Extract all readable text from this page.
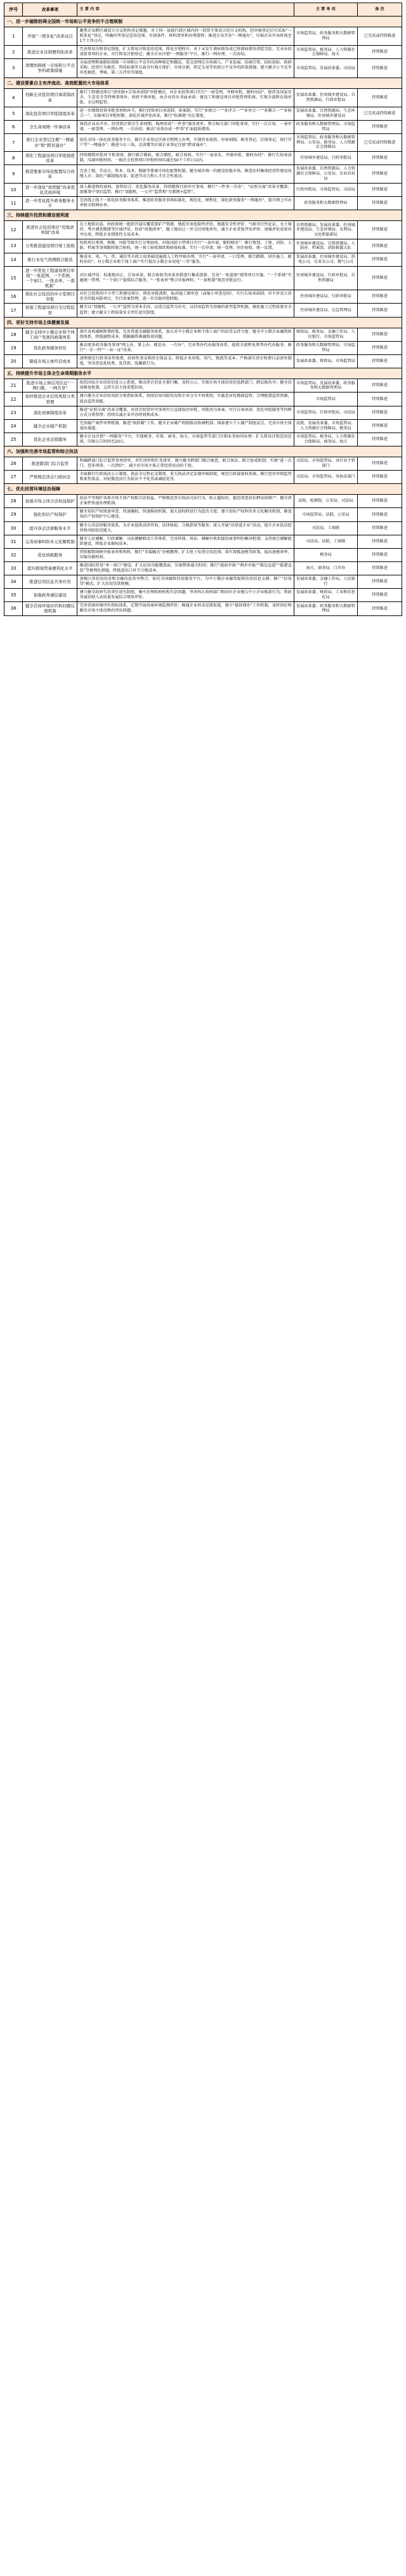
序号	改革事项	主 要 内 容	主 要 单 位	备 注
一、进一步破除妨碍全国统一市场和公平竞争的不合理规制				
1	开展“一照多址”改革试点	聚焦企业跨区域设立分支机构登记难题，对于同一县级行政区域内同一投资主体设立的分支机构，经审核登记后可采取“一照多址”登记，明确住所登记适用范围、申请条件、材料清单和办理流程；推进企业开办“一网通办”，压缩企业开办时间至1个工作日内。	市场监管局、政务服务和大数据管理局	已完成或持续推进
2	推进企业注销便利化改革	完善简易注销登记制度，扩大简易注销适用范围，简化注销程序，对于未发生债权债务或已将债权债务清偿完结、无未办结清算事项的企业，实行简易注销登记；健全企业注销“一网服务”平台，推行一网办理、一次办结。	市场监管局、税务局、人力资源社会保障局、海关	持续推进
3	清理妨碍统一市场和公平竞争的政策措施	全面清理和废除妨碍统一市场和公平竞争的各种规定和做法，重点清理在市场准入、产业发展、招商引资、招标投标、政府采购、经营行为规范、资质标准等方面含有地方保护、市场分割、指定交易等妨碍公平竞争的政策措施；建立健全公平竞争审查抽查、考核、第三方评估等制度。	市场监管局、发展改革委、司法局	持续推进
二、建设要素自主有序流动、高效配置的大市场体系				
4	创新企业投资项目承诺制改革	推行工程建设项目“清单制+告知承诺制”审批模式，对企业投资项目实行“一窗受理、并联审批、限时办结”，除涉及国家安全、生态安全等特殊事项外，政府不再审批，由企业作出书面承诺；建设工程建设项目审批管理系统，实现全流程在线审批、全过程监管。	发展改革委、住房城乡建设局、自然资源局、行政审批局	持续推进
5	深化投资项目审批制度改革	进一步精简投资审批事项和环节，推行投资项目承诺制、备案制，实行“多规合一”“多评合一”“多审合一”“多测合一”“多验合一”，压缩项目审批时限；深化区域评估改革，推行“标准地”出让制度。	发展改革委、自然资源局、生态环境局、住房城乡建设局	已完成或持续推进
6	全生命周期一件事改革	围绕企业从开办、经营到注销全生命周期，梳理形成“一件事”服务清单，整合相关部门审批事项，实行一次告知、一表申请、一窗受理、一网办理、一次办结；推动“高效办成一件事”扩面提质增效。	政务服务和大数据管理局、市场监管局	持续推进
7	推行企业登记注册“一网通办”和“跨省通办”	依托全国一体化政务服务平台，推行企业登记注册全程网上办理，实现营业执照、印章刻制、税务登记、社保登记、银行开户等“一网通办”；推进与长三角、京津冀等区域企业登记注册“跨省通办”。	市场监管局、政务服务和大数据管理局、公安局、税务局、人力资源社会保障局	已完成或持续推进
8	深化工程建设项目审批制度改革	持续精简审批环节和事项，推行联合勘验、联合测绘、联合验收，实行“一家牵头、并联审批、限时办结”；推行告知承诺制，压减审批时间，一般社会投资项目审批时间压减至50个工作日以内。	住房城乡建设局、行政审批局	持续推进
9	推进要素市场化配置综合改革	完善土地、劳动力、资本、技术、数据等要素市场化配置机制，健全城乡统一的建设用地市场，推进农村集体经营性建设用地入市；深化户籍制度改革，促进劳动力和人才社会性流动。	发展改革委、自然资源局、人力资源社会保障局、公安局、农业农村局	持续推进
10	进一步深化“放管服”改革优化营商环境	深入推进简政放权、放管结合、优化服务改革，持续精简行政许可事项，推行“一件事一次办”、“证照分离”改革全覆盖；加强事中事后监管，推行“双随机、一公开”监管和“互联网+监管”。	行政审批局、市场监管局、司法局	持续推进
11	进一步优化提升政务服务水平	完善线上线下一体化政务服务体系，推进政务服务事项标准化、规范化、便利化；深化政务服务“一网通办”，提升网上可办率和全程网办率。	政务服务和大数据管理局	持续推进
三、持续提升投资和建设便利度				
12	推进社会投资项目“用地清单制”改革	在土地供应前，由政府统一组织开展压覆重要矿产资源、地质灾害危险性评估、地震安全性评价、气候可行性论证、水土保持、考古调查勘探等区域评估，形成“用地清单”，随土地出让一并交付用地单位，减少企业重复评估评价；加强评估成果共享应用，降低企业制度性交易成本。	自然资源局、发展改革委、住房城乡建设局、生态环境局、水利局、文化和旅游局	持续推进
13	分类推进建设项目竣工验收	按照项目类别、规模、风险等级实行分类验收，对低风险小型项目实行“一表申请、限时联办”；推行规划、土地、消防、人防、档案等事项限时联合验收，统一竣工验收图纸和验收标准，实行一次申请、统一受理、同步验收、统一反馈。	住房城乡建设局、自然资源局、人防办、档案馆、消防救援大队	持续推进
14	推行水电气热网联合报装	推进水、电、气、热、通信等市政公用基础设施接入工程并联办理，实行“一表申请、一口受理、联合踏勘、同步施工、限时办结”；对小微企业和个体工商户实行低压小微企业用电“三零”服务。	发展改革委、住房城乡建设局、供电公司、自来水公司、燃气公司	持续推进
15	进一步优化工程建设项目审批“一张蓝图、一个系统、一个窗口、一张表单、一套机制”	对区域评估、标准地出让、告知承诺、联合验收等改革举措进行集成创新，完善“一张蓝图”统筹项目实施、“一个系统”实施统一管理、“一个窗口”提供综合服务、“一张表单”整合申报材料、“一套机制”规范审批运行。	住房城乡建设局、行政审批局、自然资源局	持续推进
16	简化社会投资的中小型项目审批	对社会投资的中小型工程建设项目，简化审批流程，取消施工图审查（或缩小审查范围），实行告知承诺制；对不涉及公共安全的低风险项目，实行备案管理，进一步压缩审批时限。	住房城乡建设局、行政审批局	持续推进
17	加强工程建设项目全过程监管	健全以“双随机、一公开”监管为基本手段、以重点监管为补充、以信用监管为基础的新型监管机制，强化施工过程质量安全监管；建立健全工程质量安全责任追究制度。	住房城乡建设局、应急管理局	持续推进
四、更好支持市场主体健康发展				
18	健全支持中小微企业和个体工商户发展的政策体系	落实各项减税降费政策，完善普惠金融服务体系，加大对中小微企业和个体工商户的信贷支持力度；健全中小微企业融资担保体系，降低融资成本，缓解融资难融资贵问题。	财政局、税务局、金融工作局、人民银行、市场监管局	持续推进
19	优化政务服务供给	推动更多政务服务事项“网上办、掌上办、就近办、一次办”，完善帮办代办服务体系，提供全流程免费帮办代办服务；推行“一企一档”“一业一证”改革。	政务服务和大数据管理局、市场监管局	持续推进
20	降低市场主体经营成本	清理规范行政事业性收费、政府性基金和涉企保证金，降低企业用电、用气、物流等成本；严格落实涉企收费目录清单制度，坚决查处乱收费、乱罚款、乱摊派行为。	发展改革委、财政局、市场监管局	持续推进
五、持续提升市场主体全生命周期服务水平				
21	推进市场主体信用信息“一网归集、一网共享”	依托国家企业信用信息公示系统，推动涉企信息全量归集、及时公示，实现市场主体信用信息跨部门、跨层级共享；健全信用修复机制，支持失信主体重塑信用。	市场监管局、发展改革委、政务服务和大数据管理局	持续推进
22	加快推进企业信用风险分类管理	建立健全企业信用风险分类指标体系，按照信用风险状况将企业分为不同类别，实施差异化精准监管，合理配置监管资源，提高监管效能。	市场监管局	持续推进
23	深化商事制度改革	推进“证照分离”改革全覆盖，对涉企经营许可事项实行直接取消审批、审批改为备案、实行告知承诺、优化审批服务等四种方式分类管理；持续压减企业开办时间和成本。	市场监管局、行政审批局、司法局	持续推进
24	健全企业破产机制	完善破产案件审理机制，推进“执转破”工作，健全企业破产府院联动协调机制；探索建立个人破产制度试点，完善市场主体退出通道。	法院、发展改革委、市场监管局、人力资源社会保障局、税务局	持续推进
25	优化企业注销服务	健全企业注销“一网服务”平台，实现税务、社保、商务、海关、市场监管等部门注销业务协同办理；扩大简易注销适用范围，压缩公告时间至20日。	市场监管局、税务局、人力资源社会保障局、商务局、海关	持续推进
六、加强和完善市场监管和综合执法				
26	推进跨部门综合监管	明确跨部门综合监管事项清单、责任清单和任务清单，建立健全跨部门联合抽查、联合执法、联合惩戒机制，实现“进一次门、查多项事、一次到位”，减少对市场主体正常经营活动的干扰。	司法局、市场监管局、各行业主管部门	持续推进
27	严格规范涉企行政执法	全面推行行政执法公示制度、执法全过程记录制度、重大执法决定法制审核制度，规范行政裁量权基准，推行包容审慎监管和柔性执法，对轻微违法行为依法不予处罚或减轻处罚。	司法局、市场监管局、各执法部门	持续推进
七、优化经营环境法治保障				
28	加强市场主体合法权益保护	依法平等保护各类市场主体产权和合法权益，严格规范涉企执法司法行为，防止超标的、超范围查封扣押冻结财产；健全涉企案件快速办理机制。	法院、检察院、公安局、司法局	持续推进
29	强化知识产权保护	健全知识产权快速审查、快速确权、快速维权机制，加大侵权假冒行为惩治力度；建立知识产权纠纷多元化解决机制，推进知识产权保护中心建设。	市场监管局、法院、公安局	持续推进
30	提升涉企法律服务水平	健全公共法律服务体系，为企业提供法律咨询、法律体检、合规指导等服务；深入开展“法律进企业”活动，提升企业依法经营和风险防范能力。	司法局、工商联	持续推进
31	完善商事纠纷多元化解机制	健全人民调解、行政调解、司法调解联动工作体系，完善仲裁、诉讼、调解有机衔接的商事纠纷解决机制；支持商会调解组织建设，降低企业维权成本。	司法局、法院、工商联	持续推进
32	优化纳税服务	持续精简纳税申报表单和资料，推行“非接触式”办税缴费，扩大电子发票应用范围；落实留抵退税等政策，提高退税效率，压缩办税时间。	税务局	持续推进
33	提升跨境贸易便利化水平	推进国际贸易“单一窗口”建设，扩大应用功能覆盖面，压缩整体通关时间；推行“提前申报”“两步申报”“船边直提”“抵港直装”等便利化措施，降低进出口环节合规成本。	海关、商务局、口岸办	持续推进
34	推进信用信息共享应用	加强公共信用信息和金融信息共享整合，依托全国融资信用服务平台，为中小微企业融资提供信用信息支撑；推广“信易贷”模式，扩大信用贷款规模。	发展改革委、金融工作局、人民银行	持续推进
35	加强政务诚信建设	建立健全政府失信责任追究制度，集中治理政府机构失信问题，坚决纠正政府部门和国有企业拖欠中小企业账款行为；将政务诚信纳入高质量发展综合绩效评价。	发展改革委、财政局、工业和信息化局	持续推进
36	健全营商环境评价和问题反馈机制	完善营商环境评价指标体系，定期开展营商环境监测评价；畅通企业诉求反馈渠道，建立“接诉即办”工作机制，及时回应和解决市场主体反映的突出问题。	发展改革委、政务服务和大数据管理局	持续推进
